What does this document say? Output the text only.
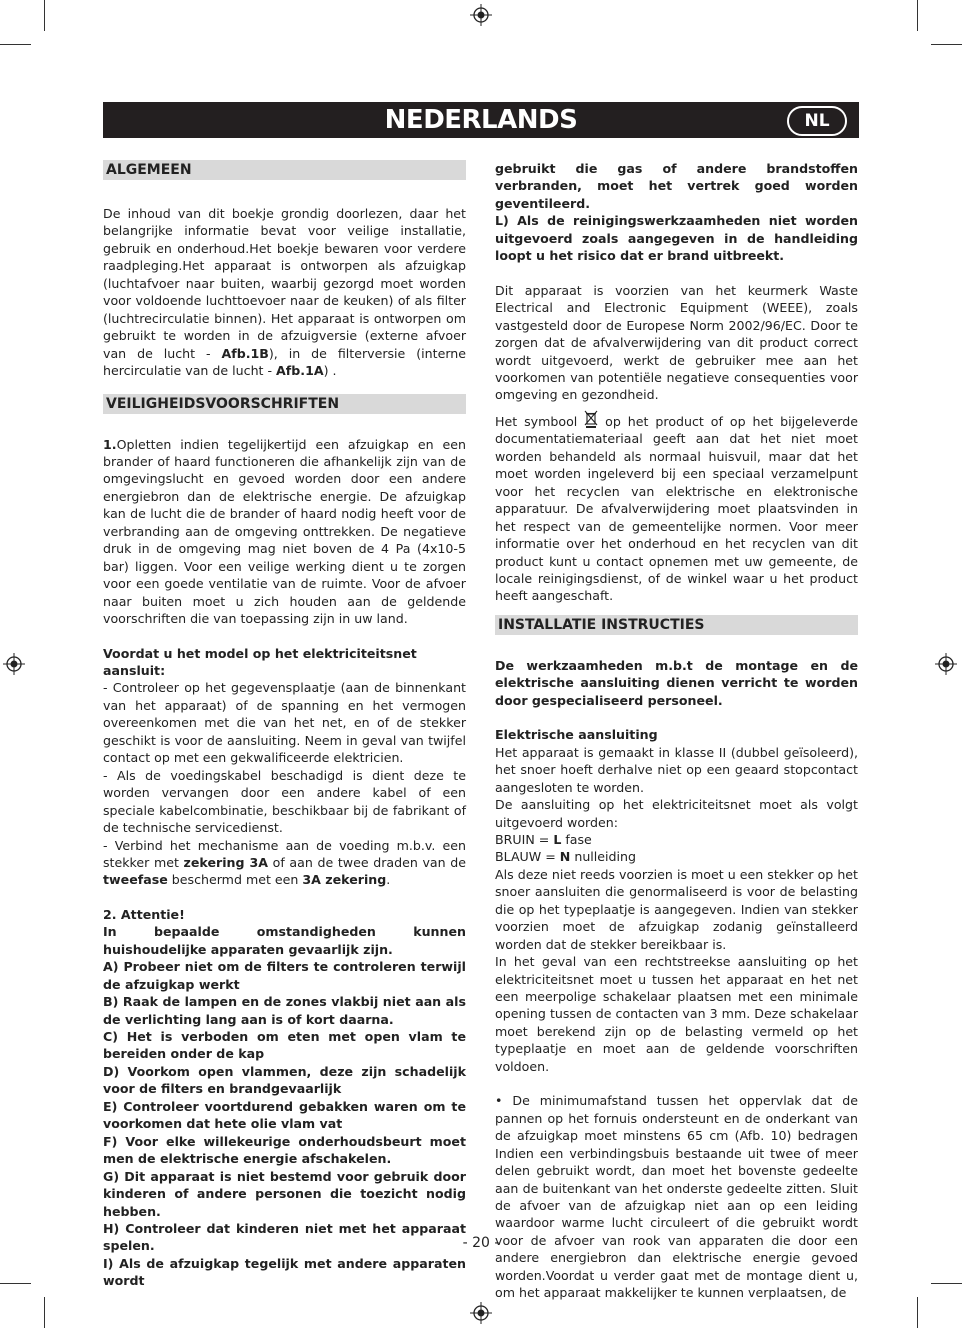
NEDERLANDS	NL
ALGEMEEN

De inhoud van dit boekje grondig doorlezen, daar het belangrijke informatie bevat voor veilige installatie, gebruik en onderhoud.Het boekje bewaren voor verdere raadpleging.Het apparaat is ontworpen als afzuigkap (luchtafvoer naar buiten, waarbij gezorgd moet worden voor voldoende luchttoevoer naar de keuken) of als filter (luchtrecirculatie binnen). Het apparaat is ontworpen om gebruikt te worden in de afzuigversie (externe afvoer van de lucht - Afb.1B), in de filterversie (interne hercirculatie van de lucht - Afb.1A) .

VEILIGHEIDSVOORSCHRIFTEN

1.Opletten indien tegelijkertijd een afzuigkap en een brander of haard functioneren die afhankelijk zijn van de omgevingslucht en gevoed worden door een andere energiebron dan de elektrische energie. De afzuigkap kan de lucht die de brander of haard nodig heeft voor de verbranding aan de omgeving onttrekken. De negatieve druk in de omgeving mag niet boven de 4 Pa (4x10-5 bar) liggen. Voor een veilige werking dient u te zorgen voor een goede ventilatie van de ruimte. Voor de afvoer naar buiten moet u zich houden aan de geldende voorschriften die van toepassing zijn in uw land.

Voordat u het model op het elektriciteitsnet aansluit:

- Controleer op het gegevensplaatje (aan de binnenkant van het apparaat) of de spanning en het vermogen overeenkomen met die van het net, en of de stekker geschikt is voor de aansluiting. Neem in geval van twijfel contact op met een gekwalificeerde elektricien.

- Als de voedingskabel beschadigd is dient deze te worden vervangen door een andere kabel of een speciale kabelcombinatie, beschikbaar bij de fabrikant of de technische servicedienst.

- Verbind het mechanisme aan de voeding m.b.v. een stekker met zekering 3A of aan de twee draden van de tweefase beschermd met een 3A zekering.

2. Attentie!

In bepaalde omstandigheden kunnen huishoudelijke apparaten gevaarlijk zijn.

A) Probeer niet om de filters te controleren terwijl de afzuigkap werkt

B) Raak de lampen en de zones vlakbij niet aan als de verlichting lang aan is of kort daarna.

C) Het is verboden om eten met open vlam te bereiden onder de kap

D) Voorkom open vlammen, deze zijn schadelijk voor de filters en brandgevaarlijk

E) Controleer voortdurend gebakken waren om te voorkomen dat hete olie vlam vat

F) Voor elke willekeurige onderhoudsbeurt moet men de elektrische energie afschakelen.

G) Dit apparaat is niet bestemd voor gebruik door kinderen of andere personen die toezicht nodig hebben.

H) Controleer dat kinderen niet met het apparaat spelen.

I) Als de afzuigkap tegelijk met andere apparaten wordt

gebruikt die gas of andere brandstoffen verbranden, moet het vertrek goed worden geventileerd.

L) Als de reinigingswerkzaamheden niet worden uitgevoerd zoals aangegeven in de handleiding loopt u het risico dat er brand uitbreekt.

Dit apparaat is voorzien van het keurmerk Waste Electrical and Electronic Equipment (WEEE), zoals vastgesteld door de Europese Norm 2002/96/EC. Door te zorgen dat de afvalverwijdering van dit product correct wordt uitgevoerd, werkt de gebruiker mee aan het voorkomen van potentiële negatieve consequenties voor omgeving en gezondheid.

Het symbool  op het product of op het bijgeleverde documentatiemateriaal geeft aan dat het niet moet worden behandeld als normaal huisvuil, maar dat het moet worden ingeleverd bij een speciaal verzamelpunt voor het recyclen van elektrische en elektronische apparatuur. De afvalverwijdering moet plaatsvinden in het respect van de gemeentelijke normen. Voor meer informatie over het onderhoud en het recyclen van dit product kunt u contact opnemen met uw gemeente, de locale reinigingsdienst, of de winkel waar u het product heeft aangeschaft.

INSTALLATIE INSTRUCTIES

De werkzaamheden m.b.t de montage en de elektrische aansluiting dienen verricht te worden door gespecialiseerd personeel.

Elektrische aansluiting

Het apparaat is gemaakt in klasse II (dubbel geïsoleerd), het snoer hoeft derhalve niet op een geaard stopcontact aangesloten te worden.

De aansluiting op het elektriciteitsnet moet als volgt uitgevoerd worden:

BRUIN = L fase

BLAUW = N nulleiding

Als deze niet reeds voorzien is moet u een stekker op het snoer aansluiten die genormaliseerd is voor de belasting die op het typeplaatje is aangegeven. Indien van stekker voorzien moet de afzuigkap zodanig geïnstalleerd worden dat de stekker bereikbaar is.

In het geval van een rechtstreekse aansluiting op het elektriciteitsnet moet u tussen het apparaat en het net een meerpolige schakelaar plaatsen met een minimale opening tussen de contacten van 3 mm. Deze schakelaar moet berekend zijn op de belasting vermeld op het typeplaatje en moet aan de geldende voorschriften voldoen.

• De minimumafstand tussen het oppervlak dat de pannen op het fornuis ondersteunt en de onderkant van de afzuigkap moet minstens 65 cm (Afb. 10) bedragen Indien een verbindingsbuis bestaande uit twee of meer delen gebruikt wordt, dan moet het bovenste gedeelte aan de buitenkant van het onderste gedeelte zitten. Sluit de afvoer van de afzuigkap niet aan op een leiding waardoor warme lucht circuleert of die gebruikt wordt voor de afvoer van rook van apparaten die door een andere energiebron dan elektrische energie gevoed worden.Voordat u verder gaat met de montage dient u, om het apparaat makkelijker te kunnen verplaatsen, de

- 20 -
